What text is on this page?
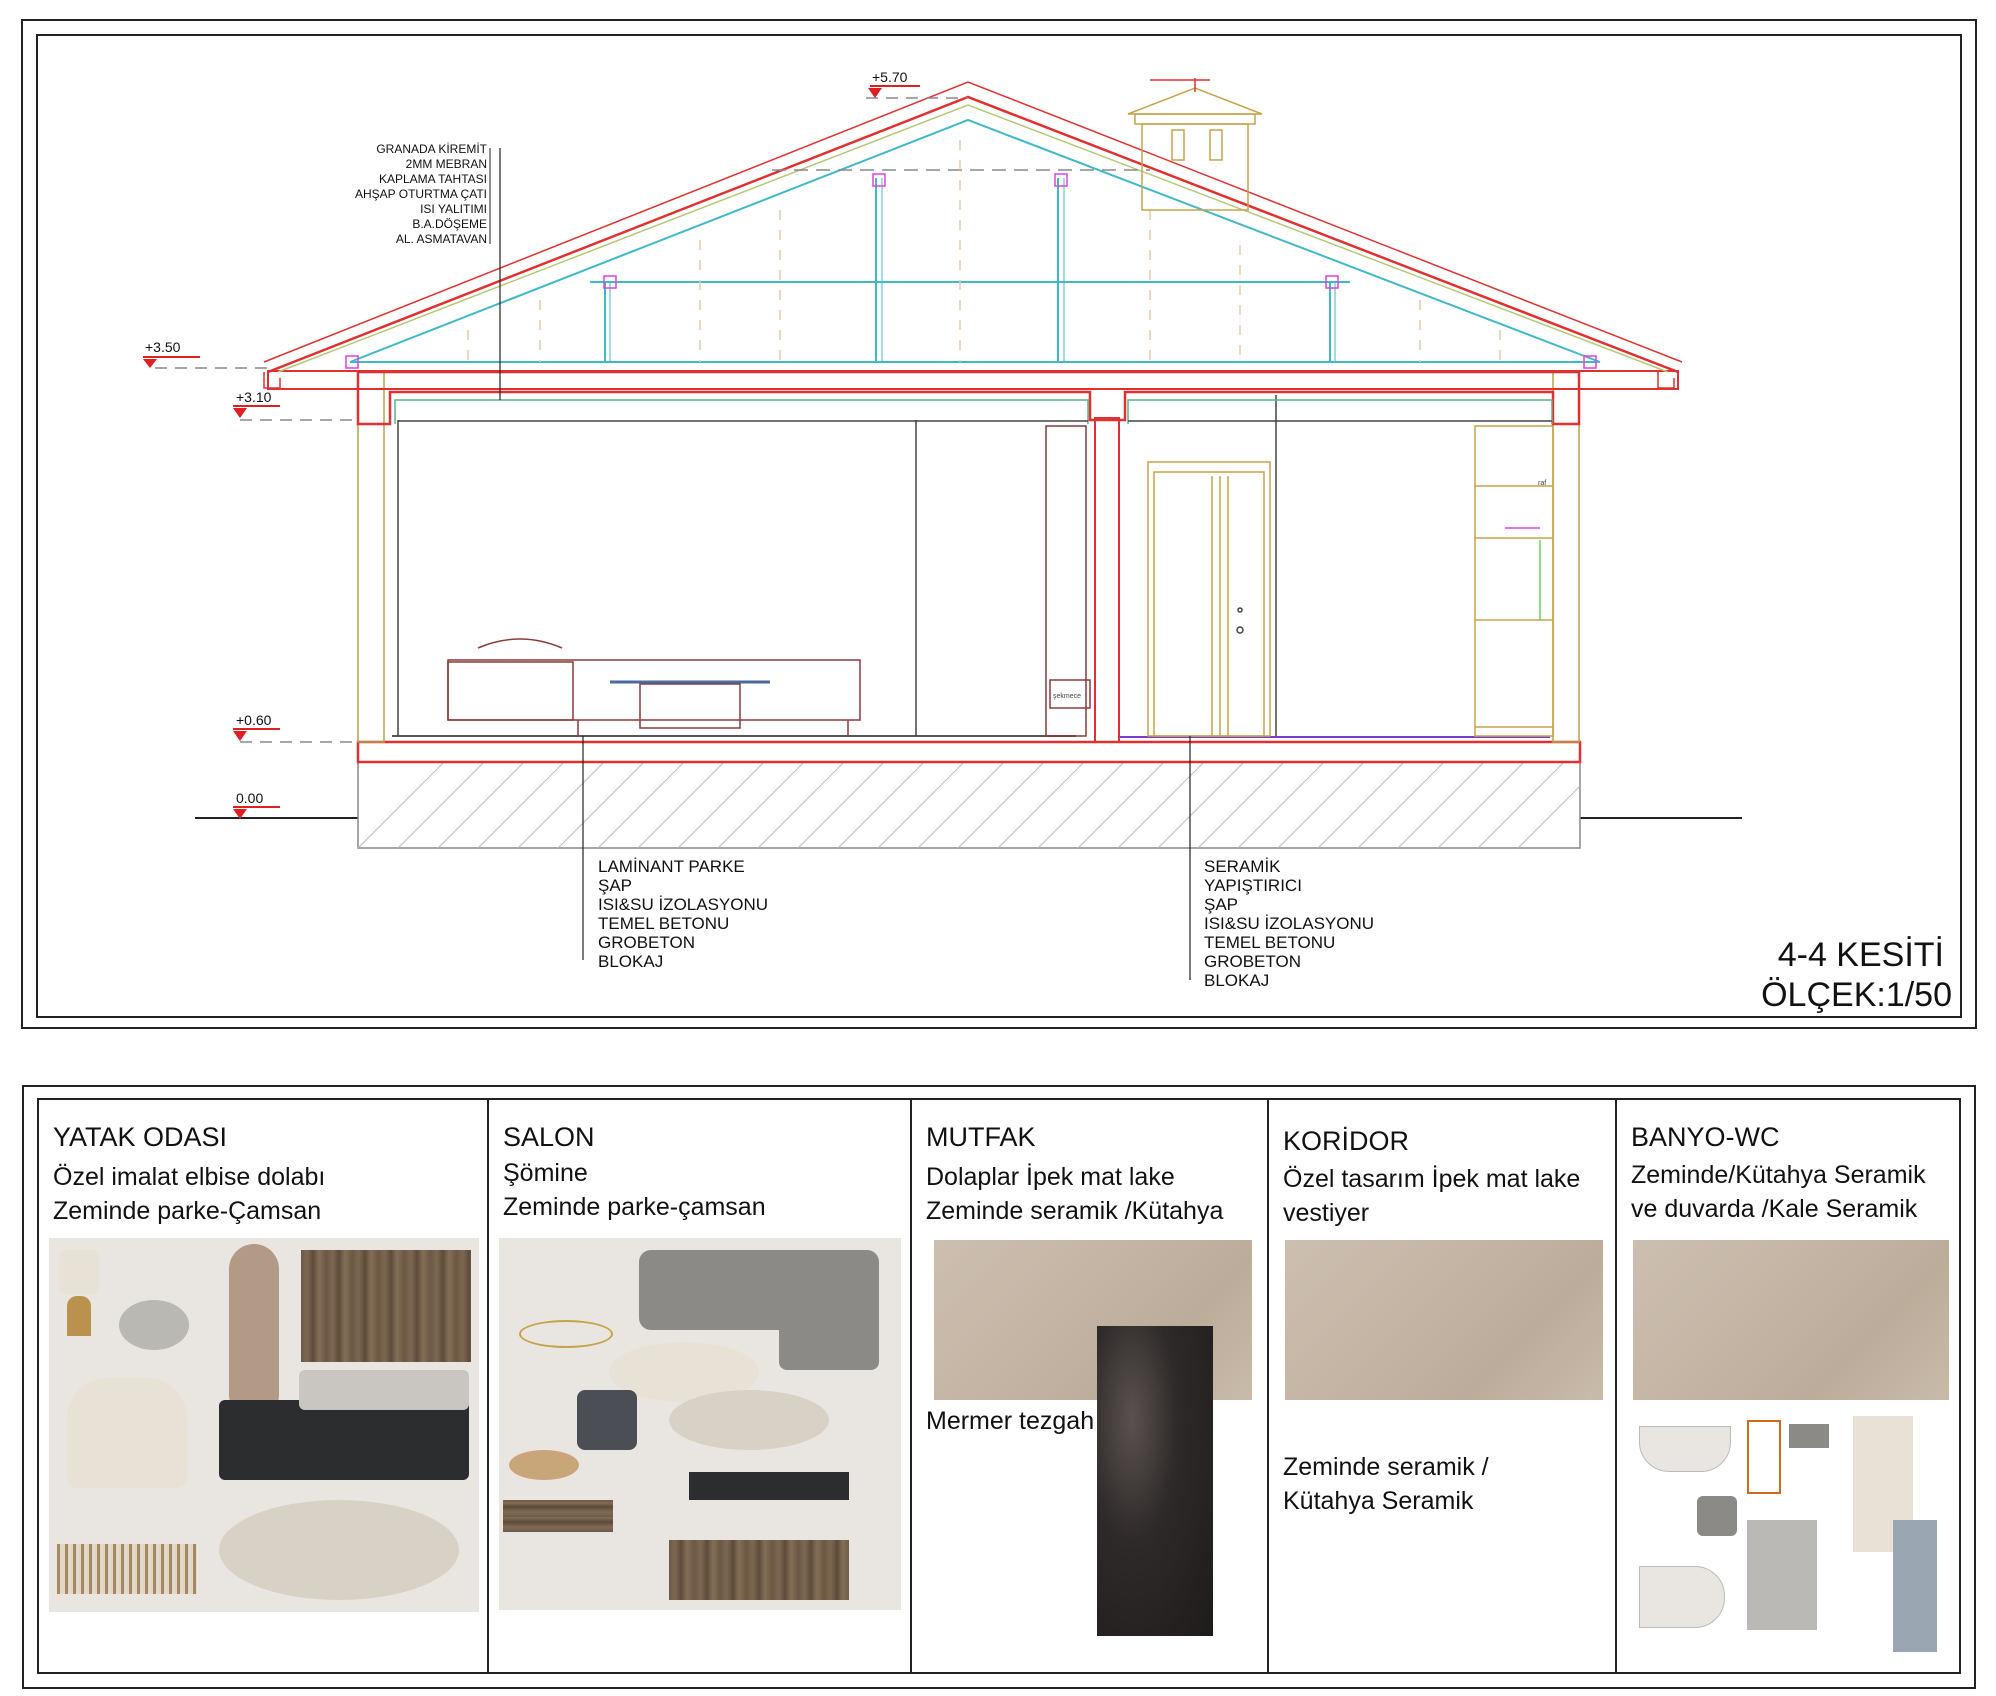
+5.70
+3.50
+3.10
+0.60
0.00
GRANADA KİREMİT
2MM MEBRAN
KAPLAMA TAHTASI
AHŞAP OTURTMA ÇATI
ISI YALITIMI
B.A.DÖŞEME
AL. ASMATAVAN
LAMİNANT PARKE
ŞAP
ISI&SU İZOLASYONU
TEMEL BETONU
GROBETON
BLOKAJ
SERAMİK
YAPIŞTIRICI
ŞAP
ISI&SU İZOLASYONU
TEMEL BETONU
GROBETON
BLOKAJ
şekmece
raf
4-4 KESİTİ
ÖLÇEK:1/50
YATAK ODASI
Özel imalat elbise dolabı
Zeminde parke-Çamsan
SALON
Şömine
Zeminde parke-çamsan
MUTFAK
Dolaplar İpek mat lake
Zeminde seramik /Kütahya
Mermer tezgah
KORİDOR
Özel tasarım İpek mat lake
vestiyer
Zeminde seramik /
Kütahya Seramik
BANYO-WC
Zeminde/Kütahya Seramik
ve duvarda /Kale Seramik
